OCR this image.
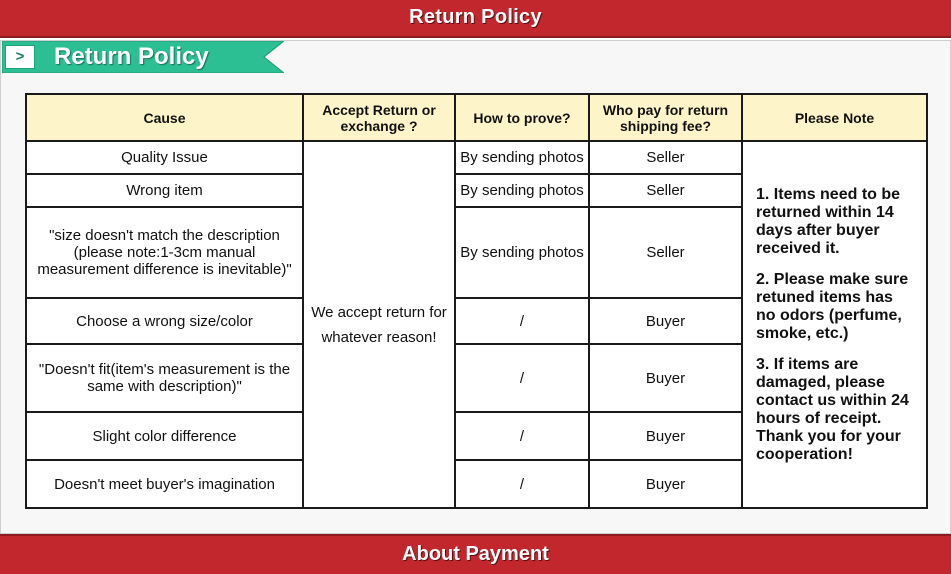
Return Policy
>	Return Policy
Cause	Accept Return or exchange ?	How to prove?	Who pay for return shipping fee?	Please Note
Quality Issue	We accept return for whatever reason!	By sending photos	Seller	1. Items need to be returned within 14 days after buyer received it.

2. Please make sure retuned items has no odors (perfume, smoke, etc.)

3. If items are damaged, please contact us within 24 hours of receipt.

Thank you for your cooperation!

Wrong item		By sending photos	Seller	
"size doesn't match the description (please note:1-3cm manual measurement difference is inevitable)"		By sending photos	Seller	
Choose a wrong size/color		/	Buyer	
"Doesn't fit(item's measurement is the same with description)"		/	Buyer	
Slight color difference		/	Buyer	
Doesn't meet buyer's imagination		/	Buyer	
About Payment
